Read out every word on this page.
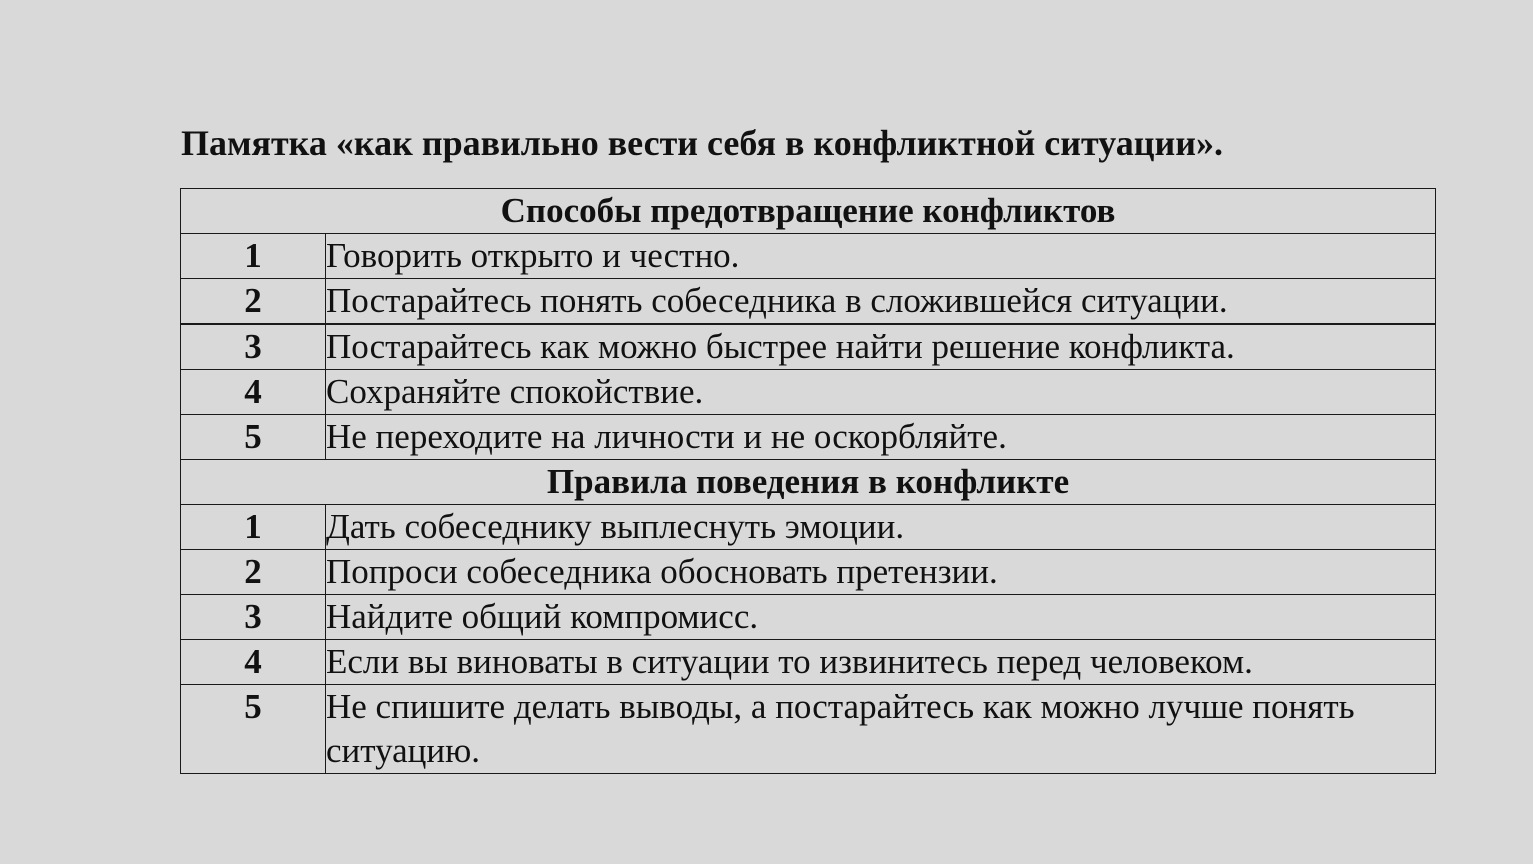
Памятка «как правильно вести себя в конфликтной ситуации».
Способы предотвращение конфликтов	
1	Говорить открыто и честно.
2	Постарайтесь понять собеседника в сложившейся ситуации.
3	Постарайтесь как можно быстрее найти решение конфликта.
4	Сохраняйте спокойствие.
5	Не переходите на личности и не оскорбляйте.
Правила поведения в конфликте	
1	Дать собеседнику выплеснуть эмоции.
2	Попроси собеседника обосновать претензии.
3	Найдите общий компромисс.
4	Если вы виноваты в ситуации то извинитесь перед человеком.
5	Не спишите делать выводы, а постарайтесь как можно лучше понять ситуацию.
